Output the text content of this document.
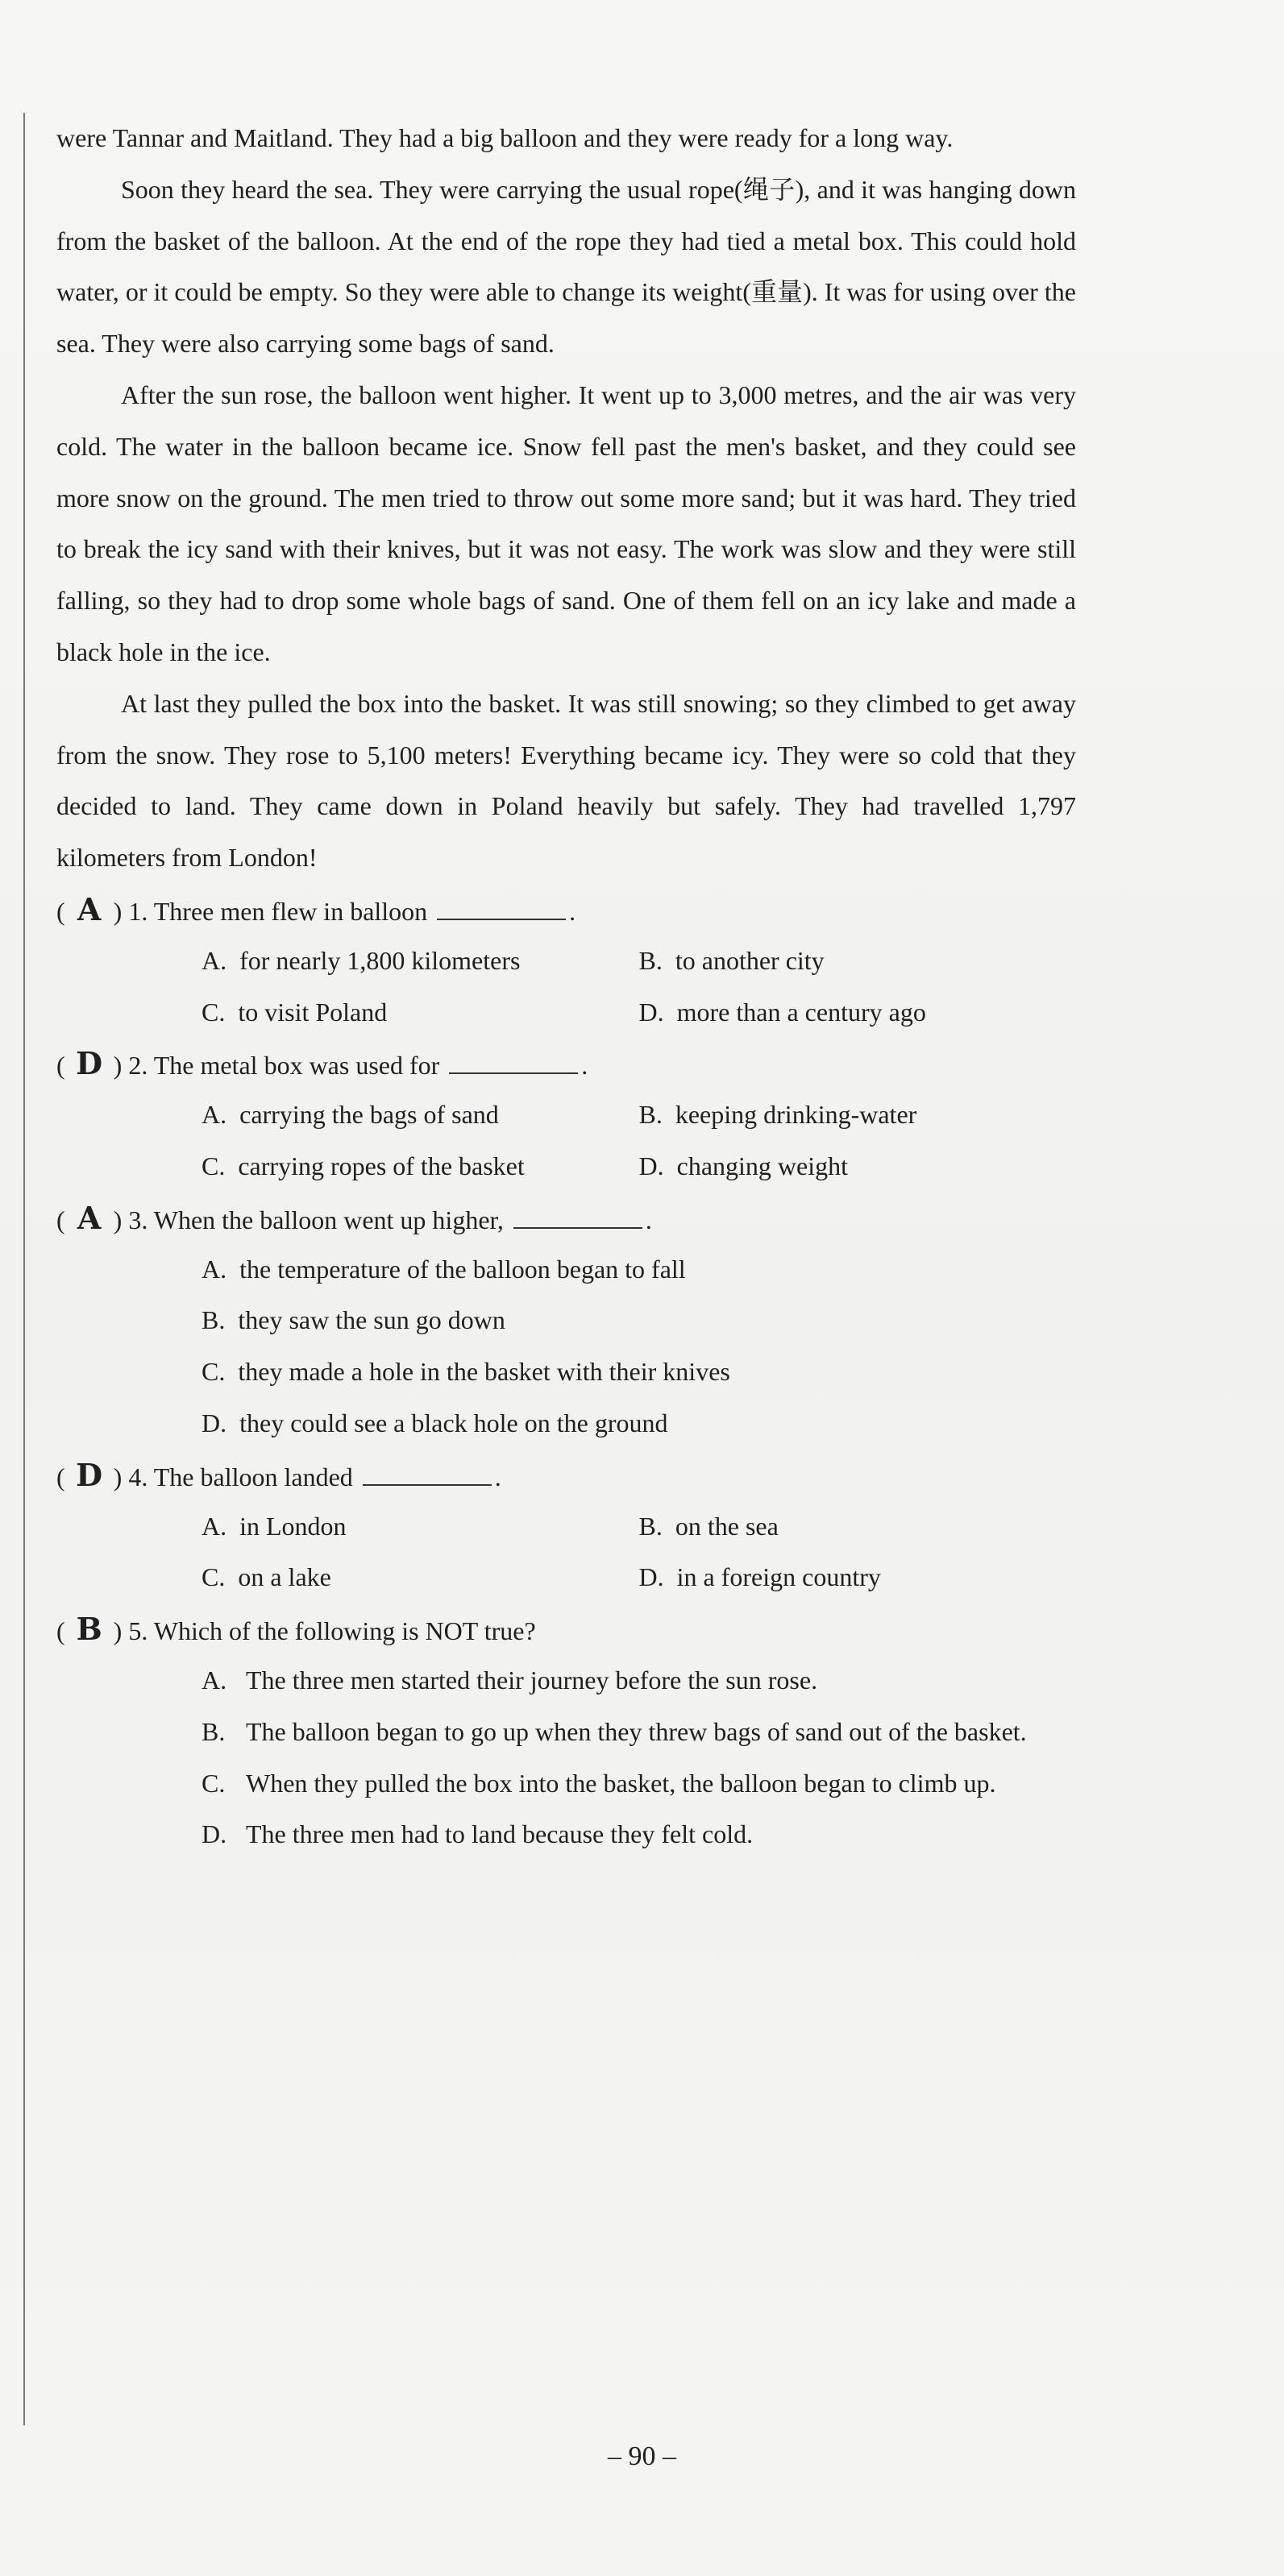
were Tannar and Maitland. They had a big balloon and they were ready for a long way.

Soon they heard the sea. They were carrying the usual rope(绳子), and it was hanging down from the basket of the balloon. At the end of the rope they had tied a metal box. This could hold water, or it could be empty. So they were able to change its weight(重量). It was for using over the sea. They were also carrying some bags of sand.

After the sun rose, the balloon went higher. It went up to 3,000 metres, and the air was very cold. The water in the balloon became ice. Snow fell past the men's basket, and they could see more snow on the ground. The men tried to throw out some more sand; but it was hard. They tried to break the icy sand with their knives, but it was not easy. The work was slow and they were still falling, so they had to drop some whole bags of sand. One of them fell on an icy lake and made a black hole in the ice.

At last they pulled the box into the basket. It was still snowing; so they climbed to get away from the snow. They rose to 5,100 meters! Everything became icy. They were so cold that they decided to land. They came down in Poland heavily but safely. They had travelled 1,797 kilometers from London!

( A ) 1. Three men flew in balloon	.
A. for nearly 1,800 kilometers	B. to another city
C. to visit Poland	D. more than a century ago
( D ) 2. The metal box was used for	.
A. carrying the bags of sand	B. keeping drinking-water
C. carrying ropes of the basket	D. changing weight
( A ) 3. When the balloon went up higher,	.
A. the temperature of the balloon began to fall
B. they saw the sun go down
C. they made a hole in the basket with their knives
D. they could see a black hole on the ground
( D ) 4. The balloon landed	.
A. in London	B. on the sea
C. on a lake	D. in a foreign country
( B ) 5. Which of the following is NOT true?
A. The three men started their journey before the sun rose.
B. The balloon began to go up when they threw bags of sand out of the basket.
C. When they pulled the box into the basket, the balloon began to climb up.
D. The three men had to land because they felt cold.
– 90 –
